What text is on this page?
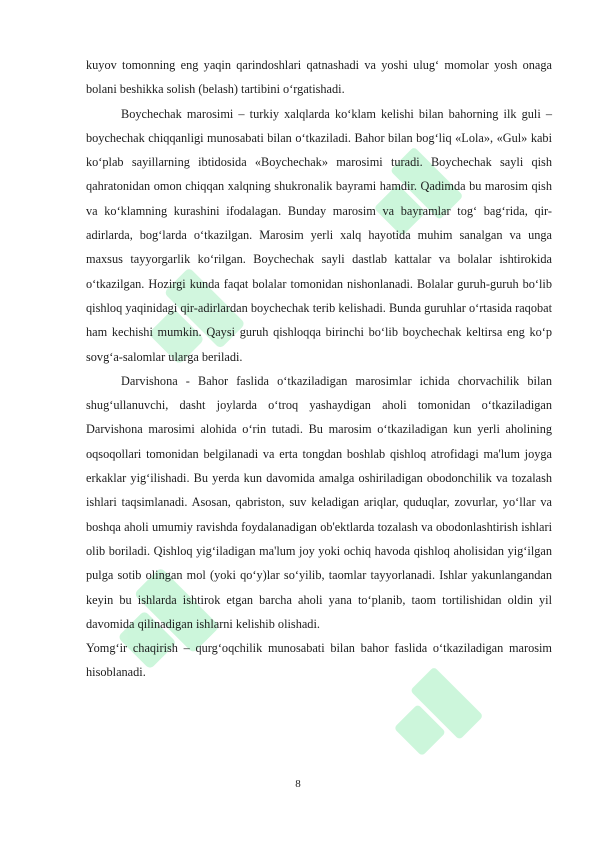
kuyov tomonning eng yaqin qarindoshlari qatnashadi va yoshi ulug‘ momolar yosh onaga bolani beshikka solish (belash) tartibini o‘rgatishadi.

Boychechak marosimi – turkiy xalqlarda ko‘klam kelishi bilan bahorning ilk guli – boychechak chiqqanligi munosabati bilan o‘tkaziladi. Bahor bilan bog‘liq «Lola», «Gul» kabi ko‘plab sayillarning ibtidosida «Boychechak» marosimi turadi. Boychechak sayli qish qahratonidan omon chiqqan xalqning shukronalik bayrami hamdir. Qadimda bu marosim qish va ko‘klamning kurashini ifodalagan. Bunday marosim va bayramlar tog‘ bag‘rida, qir-adirlarda, bog‘larda o‘tkazilgan. Marosim yerli xalq hayotida muhim sanalgan va unga maxsus tayyorgarlik ko‘rilgan. Boychechak sayli dastlab kattalar va bolalar ishtirokida o‘tkazilgan. Hozirgi kunda faqat bolalar tomonidan nishonlanadi. Bolalar guruh-guruh bo‘lib qishloq yaqinidagi qir-adirlardan boychechak terib kelishadi. Bunda guruhlar o‘rtasida raqobat ham kechishi mumkin. Qaysi guruh qishloqqa birinchi bo‘lib boychechak keltirsa eng ko‘p sovg‘a-salomlar ularga beriladi.

Darvishona - Bahor faslida o‘tkaziladigan marosimlar ichida chorvachilik bilan shug‘ullanuvchi, dasht joylarda o‘troq yashaydigan aholi tomonidan o‘tkaziladigan Darvishona marosimi alohida o‘rin tutadi. Bu marosim o‘tkaziladigan kun yerli aholining oqsoqollari tomonidan belgilanadi va erta tongdan boshlab qishloq atrofidagi ma'lum joyga erkaklar yig‘ilishadi. Bu yerda kun davomida amalga oshiriladigan obodonchilik va tozalash ishlari taqsimlanadi. Asosan, qabriston, suv keladigan ariqlar, quduqlar, zovurlar, yo‘llar va boshqa aholi umumiy ravishda foydalanadigan ob'ektlarda tozalash va obodonlashtirish ishlari olib boriladi. Qishloq yig‘iladigan ma'lum joy yoki ochiq havoda qishloq aholisidan yig‘ilgan pulga sotib olingan mol (yoki qo‘y)lar so‘yilib, taomlar tayyorlanadi. Ishlar yakunlangandan keyin bu ishlarda ishtirok etgan barcha aholi yana to‘planib, taom tortilishidan oldin yil davomida qilinadigan ishlarni kelishib olishadi.

Yomg‘ir chaqirish – qurg‘oqchilik munosabati bilan bahor faslida o‘tkaziladigan marosim hisoblanadi.

8
